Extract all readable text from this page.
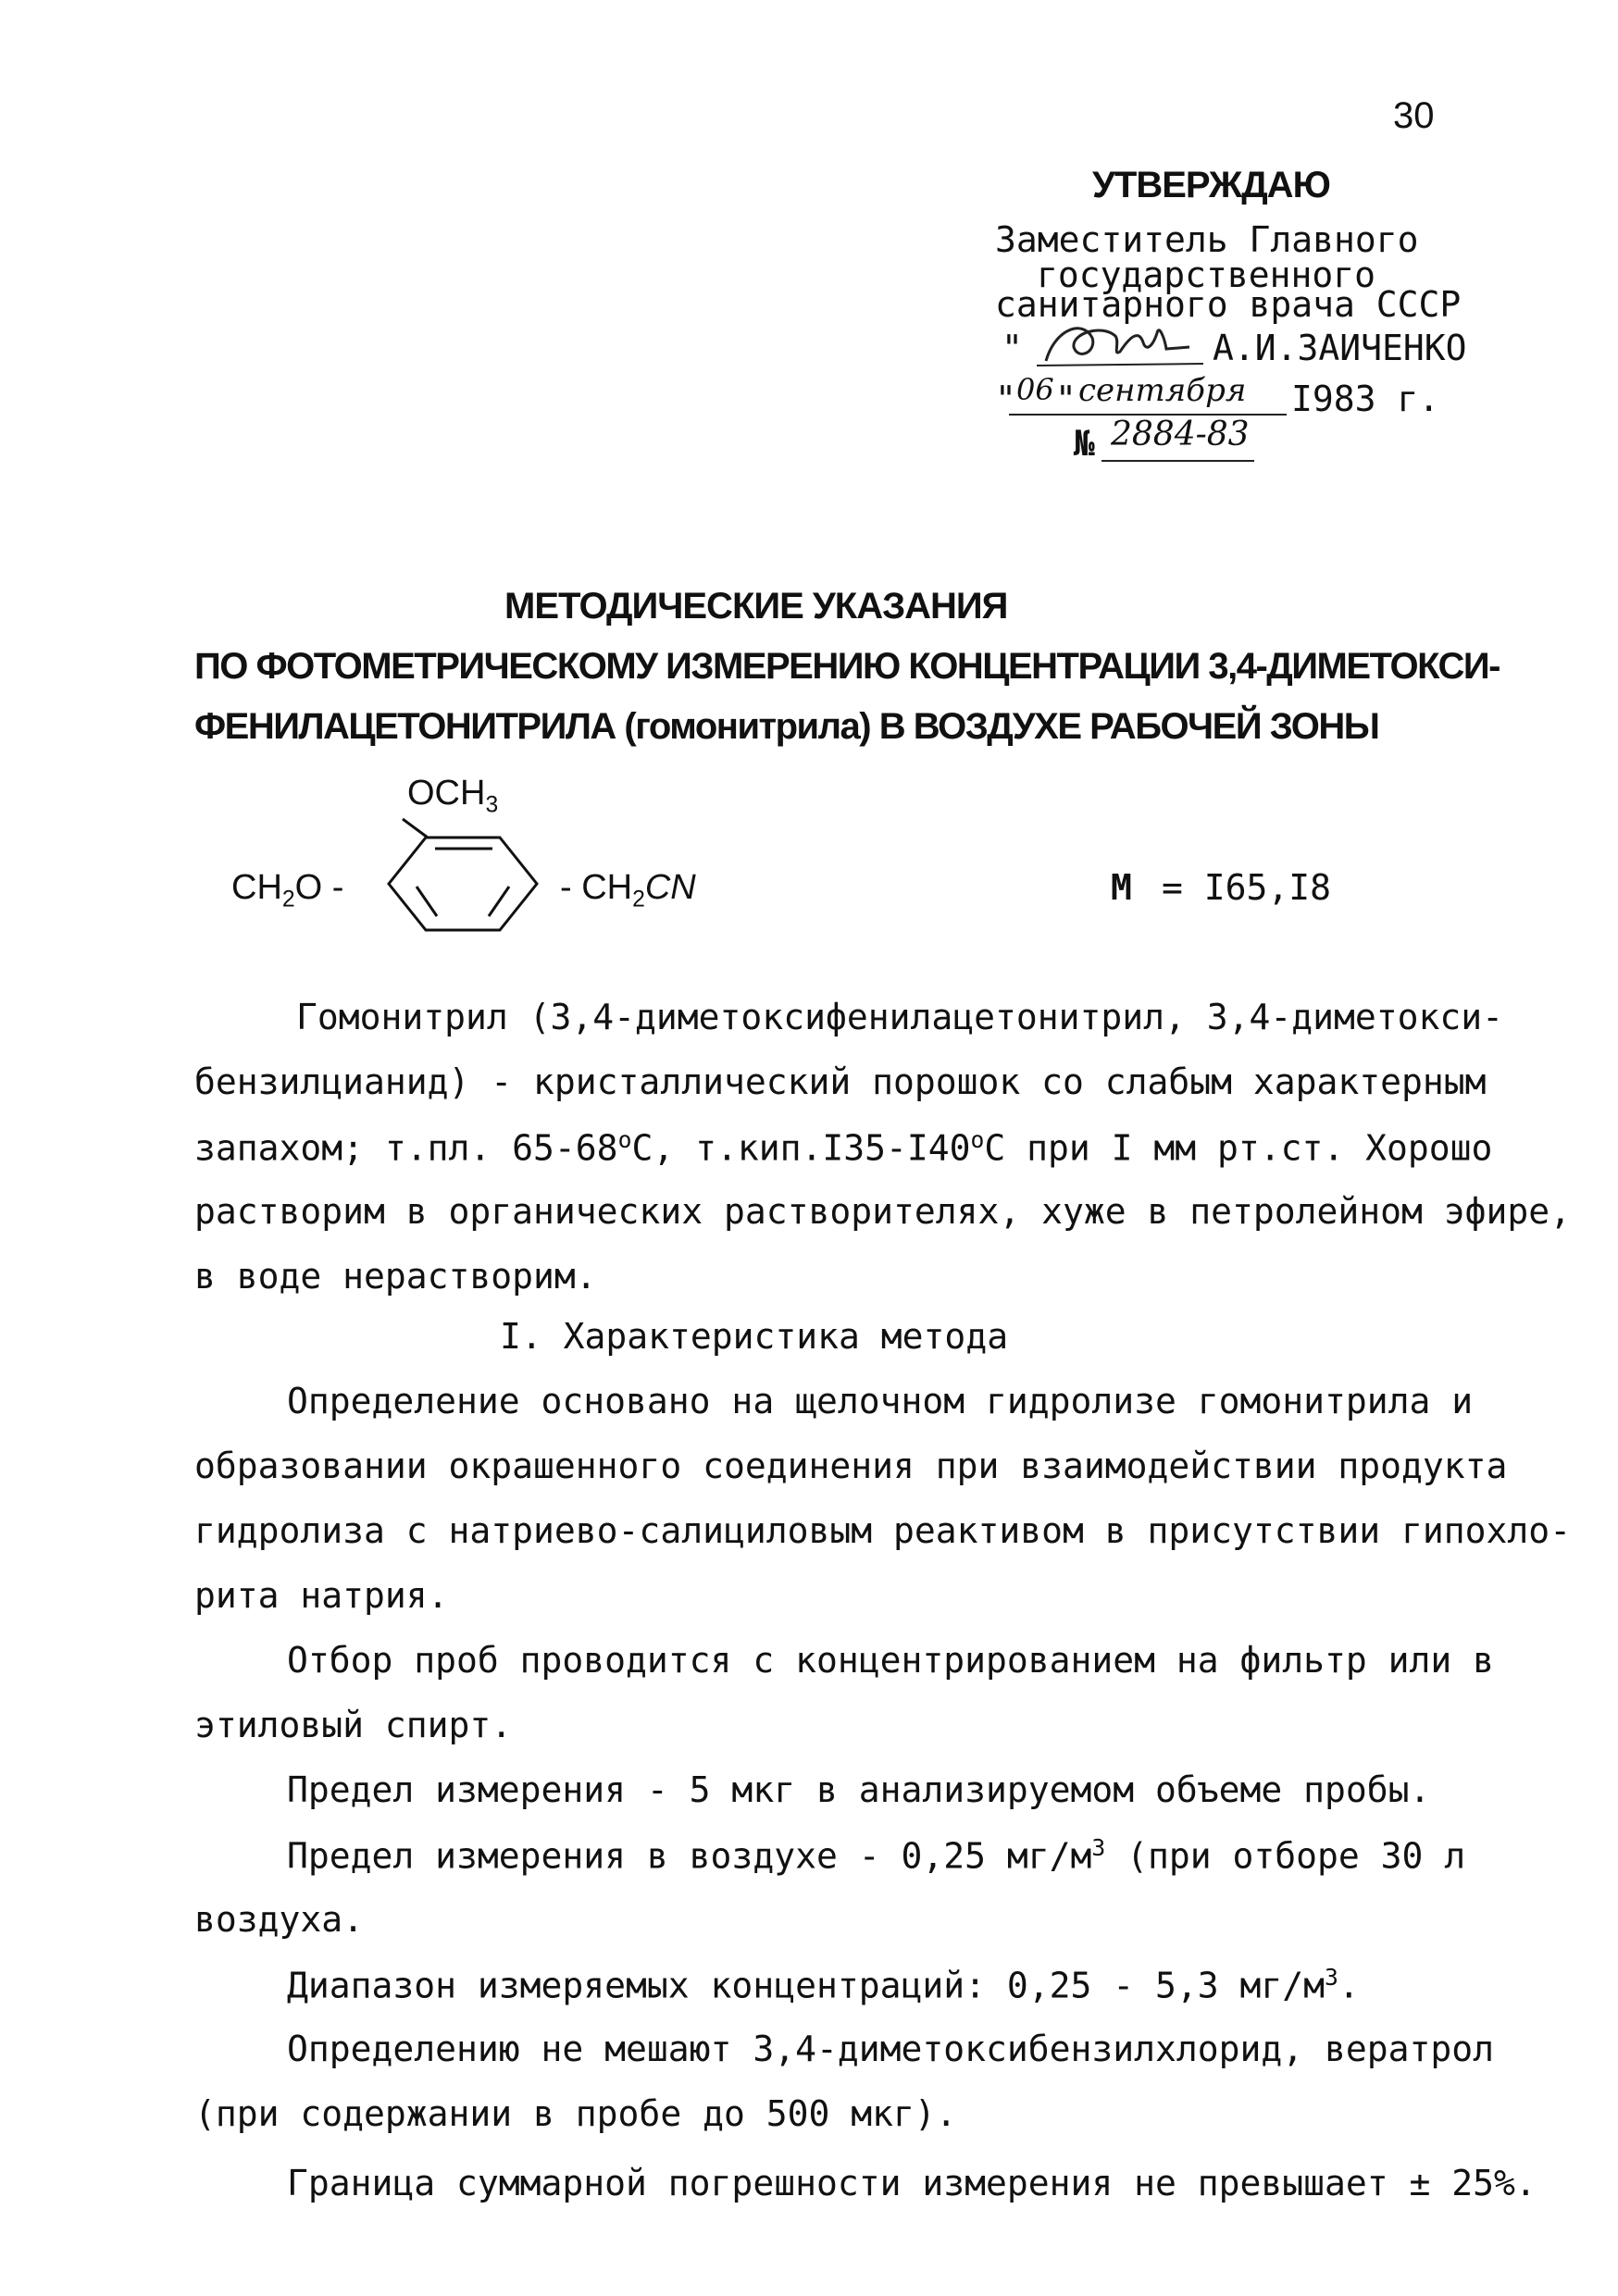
30
УТВЕРЖДАЮ
Заместитель Главного
государственного
санитарного врача СССР
"	А.И.ЗАИЧЕНКО
" 06 " сентября I983 г.
№ 2884-83
МЕТОДИЧЕСКИЕ УКАЗАНИЯ
ПО ФОТОМЕТРИЧЕСКОМУ ИЗМЕРЕНИЮ КОНЦЕНТРАЦИИ 3,4-ДИМЕТОКСИ-
ФЕНИЛАЦЕТОНИТРИЛА (гомонитрила) В ВОЗДУХЕ РАБОЧЕЙ ЗОНЫ
$OCH_3$
$CH_2O$ -	- $CH_2CN$	М = I65,I8
Гомонитрил (3,4-диметоксифенилацетонитрил, 3,4-диметокси-
бензилцианид) - кристаллический порошок со слабым характерным
запахом; т.пл. $65-68^оС$, $т.кип.I35-I40^оС$ при I мм рт.ст. Хорошо
растворим в органических растворителях, хуже в петролейном эфире,
в воде нерастворим.
I. Характеристика метода
Определение основано на щелочном гидролизе гомонитрила и
образовании окрашенного соединения при взаимодействии продукта
гидролиза с натриево-салициловым реактивом в присутствии гипохло-
рита натрия.
Отбор проб проводится с концентрированием на фильтр или в
этиловый спирт.
Предел измерения - 5 мкг в анализируемом объеме пробы.
Предел измерения в воздухе - 0,25 $мг/м^3$ (при отборе 30 л
воздуха.
Диапазон измеряемых концентраций: 0,25 - 5,3 $мг/м^3$.
Определению не мешают 3,4-диметоксибензилхлорид, вератрол
(при содержании в пробе до 500 мкг).
Граница суммарной погрешности измерения не превышает ± 25%.
